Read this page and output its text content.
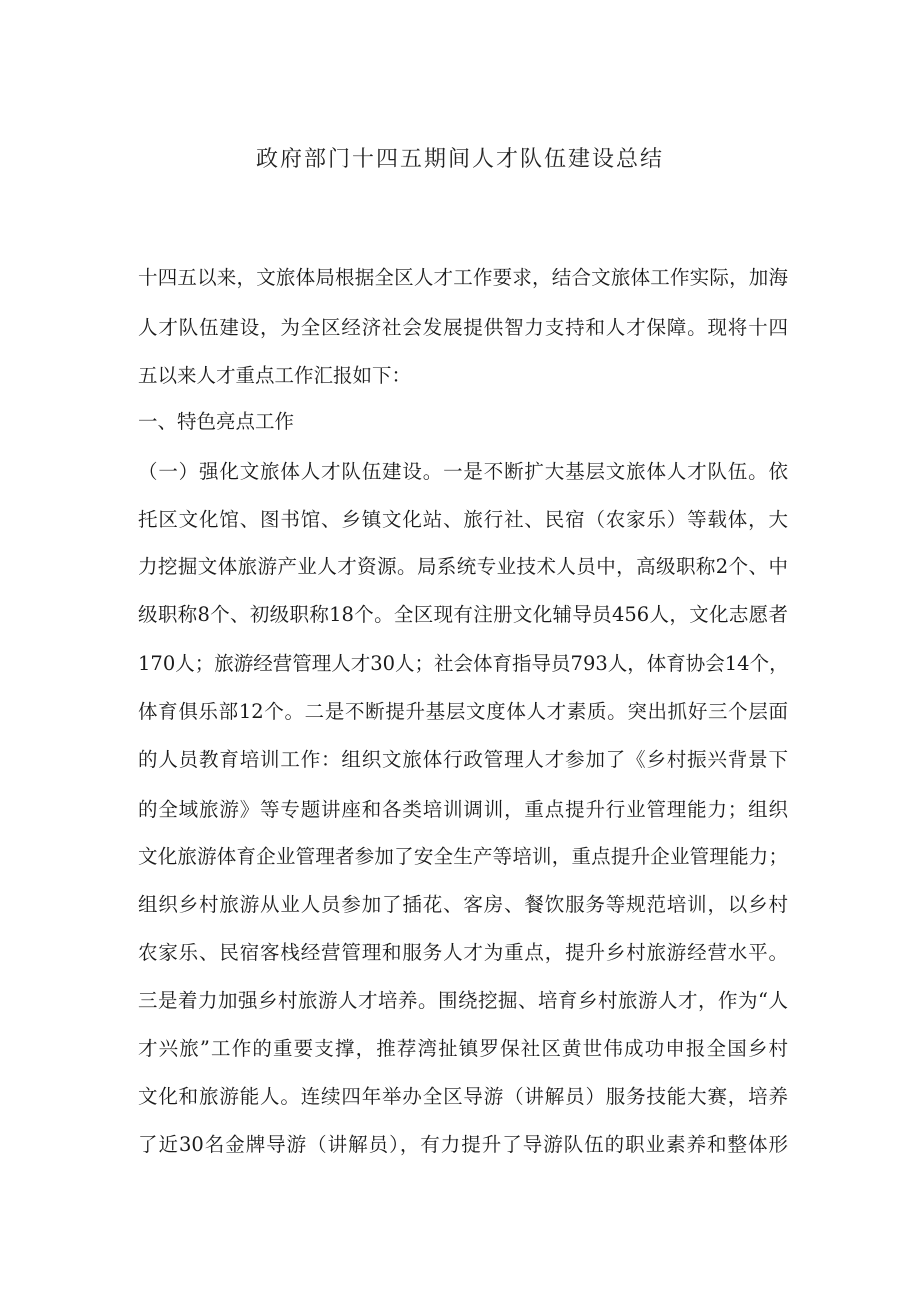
政府部门十四五期间人才队伍建设总结
十四五以来，文旅体局根据全区人才工作要求，结合文旅体工作实际，加海
人才队伍建设，为全区经济社会发展提供智力支持和人才保障。现将十四
五以来人才重点工作汇报如下：
一、特色亮点工作
（一）强化文旅体人才队伍建设。一是不断扩大基层文旅体人才队伍。依
托区文化馆、图书馆、乡镇文化站、旅行社、民宿（农家乐）等载体，大
力挖掘文体旅游产业人才资源。局系统专业技术人员中，高级职称2个、中
级职称8个、初级职称18个。全区现有注册文化辅导员456人，文化志愿者
170人；旅游经营管理人才30人；社会体育指导员793人，体育协会14个，
体育俱乐部12个。二是不断提升基层文度体人才素质。突出抓好三个层面
的人员教育培训工作：组织文旅体行政管理人才参加了《乡村振兴背景下
的全域旅游》等专题讲座和各类培训调训，重点提升行业管理能力；组织
文化旅游体育企业管理者参加了安全生产等培训，重点提升企业管理能力；
组织乡村旅游从业人员参加了插花、客房、餐饮服务等规范培训，以乡村
农家乐、民宿客栈经营管理和服务人才为重点，提升乡村旅游经营水平。
三是着力加强乡村旅游人才培养。围绕挖掘、培育乡村旅游人才，作为“人
才兴旅”工作的重要支撑，推荐湾扯镇罗保社区黄世伟成功申报全国乡村
文化和旅游能人。连续四年举办全区导游（讲解员）服务技能大赛，培养
了近30名金牌导游（讲解员），有力提升了导游队伍的职业素养和整体形
